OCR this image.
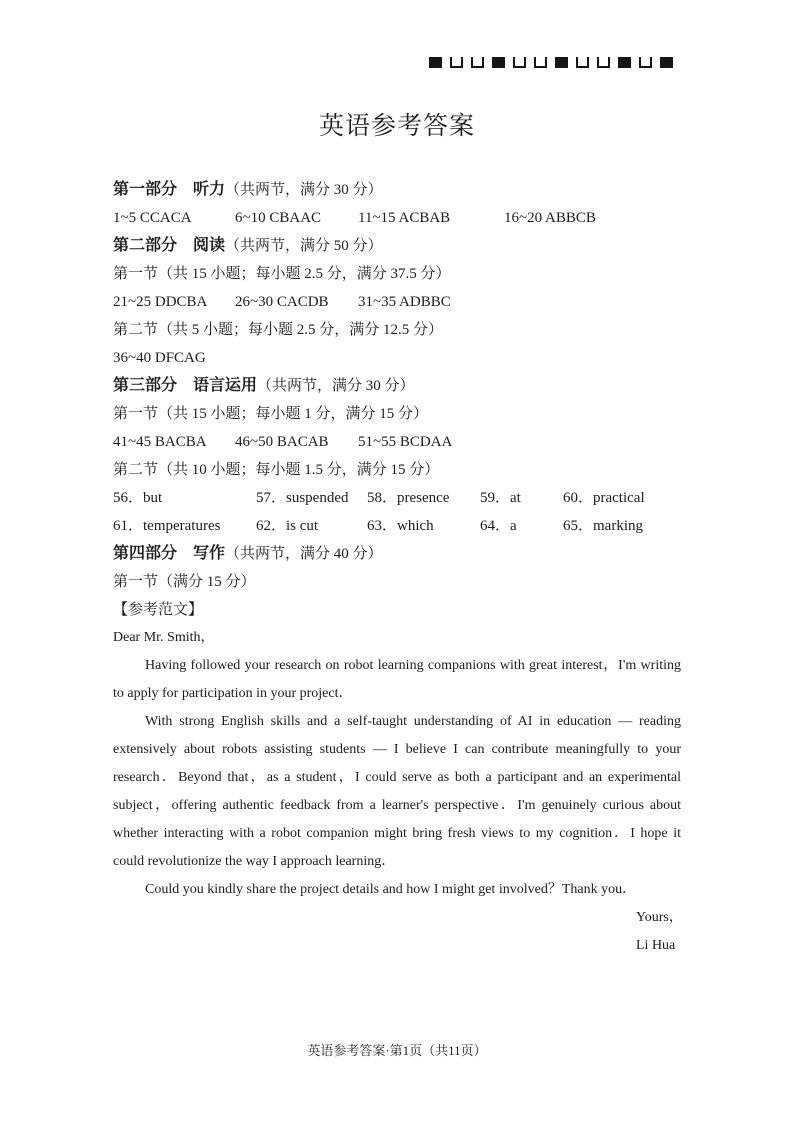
英语参考答案
第一部分　听力（共两节，满分 30 分）
1~5 CCACA	6~10 CBAAC 11~15 ACBAB	16~20 ABBCB
第二部分　阅读（共两节，满分 50 分）
第一节（共 15 小题；每小题 2.5 分，满分 37.5 分）
21~25 DDCBA 26~30 CACDB 31~35 ADBBC
第二节（共 5 小题；每小题 2.5 分，满分 12.5 分）
36~40 DFCAG
第三部分　语言运用（共两节，满分 30 分）
第一节（共 15 小题；每小题 1 分，满分 15 分）
41~45 BACBA 46~50 BACAB 51~55 BCDAA
第二节（共 10 小题；每小题 1.5 分，满分 15 分）
56．but	57．suspended 58．presence 59．at	60．practical
61．temperatures 62．is cut	63．which	64．a	65．marking
第四部分　写作（共两节，满分 40 分）
第一节（满分 15 分）
【参考范文】

Dear Mr. Smith，

Having followed your research on robot learning companions with great interest，I'm writing to apply for participation in your project．

With strong English skills and a self-taught understanding of AI in education — reading extensively about robots assisting students — I believe I can contribute meaningfully to your research．Beyond that，as a student，I could serve as both a participant and an experimental subject，offering authentic feedback from a learner's perspective．I'm genuinely curious about whether interacting with a robot companion might bring fresh views to my cognition．I hope it could revolutionize the way I approach learning．

Could you kindly share the project details and how I might get involved？Thank you．

Yours，

Li Hua

英语参考答案·第1页（共11页）
